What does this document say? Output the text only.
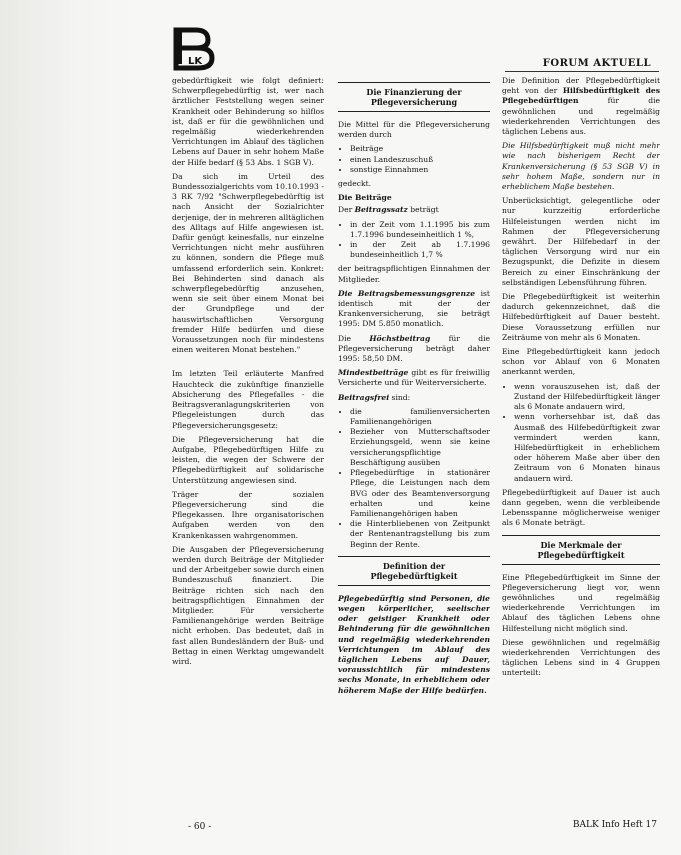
LK	FORUM AKTUELL

gebedürftigkeit wie folgt definiert: Schwerpflegebedürftig ist, wer nach ärztlicher Feststellung wegen seiner Krankheit oder Behinderung so hilflos ist, daß er für die gewöhnlichen und regelmäßig wiederkehrenden Verrichtungen im Ablauf des täglichen Lebens auf Dauer in sehr hohem Maße der Hilfe bedarf (§ 53 Abs. 1 SGB V).

Da sich im Urteil des Bundessozialgerichts vom 10.10.1993 - 3 RK 7/92 "Schwerpflegebedürftig ist nach Ansicht der Sozialrichter derjenige, der in mehreren alltäglichen des Alltags auf Hilfe angewiesen ist. Dafür genügt keinesfalls, nur einzelne Verrichtungen nicht mehr ausführen zu können, sondern die Pflege muß umfassend erforderlich sein. Konkret: Bei Behinderten sind danach als schwerpflegebedürftig anzusehen, wenn sie seit über einem Monat bei der Grundpflege und der hauswirtschaftlichen Versorgung fremder Hilfe bedürfen und diese Voraussetzungen noch für mindestens einen weiteren Monat bestehen."

Im letzten Teil erläuterte Manfred Hauchteck die zukünftige finanzielle Absicherung des Pflegefalles - die Beitragsveranlagungskriterien von Pflegeleistungen durch das Pflegeversicherungsgesetz:

Die Pflegeversicherung hat die Aufgabe, Pflegebedürftigen Hilfe zu leisten, die wegen der Schwere der Pflegebedürftigkeit auf solidarische Unterstützung angewiesen sind.

Träger der sozialen Pflegeversicherung sind die Pflegekassen. Ihre organisatorischen Aufgaben werden von den Krankenkassen wahrgenommen.

Die Ausgaben der Pflegeversicherung werden durch Beiträge der Mitglieder und der Arbeitgeber sowie durch einen Bundeszuschuß finanziert. Die Beiträge richten sich nach den beitragspflichtigen Einnahmen der Mitglieder. Für versicherte Familienangehörige werden Beiträge nicht erhoben. Das bedeutet, daß in fast allen Bundesländern der Buß- und Bettag in einen Werktag umgewandelt wird.

Die Finanzierung der Pflegeversicherung

Die Mittel für die Pflegeversicherung werden durch

• Beiträge
• einen Landeszuschuß
• sonstige Einnahmen

gedeckt.

Die Beiträge

Der Beitragssatz beträgt

• in der Zeit vom 1.1.1995 bis zum 1.7.1996 bundeseinheitlich 1 %,
• in der Zeit ab 1.7.1996 bundeseinheitlich 1,7 %

der beitragspflichtigen Einnahmen der Mitglieder.

Die Beitragsbemessungsgrenze ist identisch mit der der Krankenversicherung, sie beträgt 1995: DM 5.850 monatlich.

Die Höchstbeitrag für die Pflegeversicherung beträgt daher 1995: 58,50 DM.

Mindestbeiträge gibt es für freiwillig Versicherte und für Weiterversicherte.

Beitragsfrei sind:

• die familienversicherten Familienangehörigen
• Bezieher von Mutterschaftsoder Erziehungsgeld, wenn sie keine versicherungspflichtige Beschäftigung ausüben
• Pflegebedürftige in stationärer Pflege, die Leistungen nach dem BVG oder des Beamtenversorgung erhalten und keine Familienangehörigen haben
• die Hinterbliebenen von Zeitpunkt der Rentenantragstellung bis zum Beginn der Rente.
Definition der Pflegebedürftigkeit

Pflegebedürftig sind Personen, die wegen körperlicher, seelischer oder geistiger Krankheit oder Behinderung für die gewöhnlichen und regelmäßig wiederkehrenden Verrichtungen im Ablauf des täglichen Lebens auf Dauer, voraussichtlich für mindestens sechs Monate, in erheblichem oder höherem Maße der Hilfe bedürfen.

Die Definition der Pflegebedürftigkeit geht von der Hilfsbedürftigkeit des Pflegebedürftigen für die gewöhnlichen und regelmäßig wiederkehrenden Verrichtungen des täglichen Lebens aus.

Die Hilfsbedürftigkeit muß nicht mehr wie nach bisherigem Recht der Krankenversicherung (§ 53 SGB V) in sehr hohem Maße, sondern nur in erheblichem Maße bestehen.

Unberücksichtigt, gelegentliche oder nur kurzzeitig erforderliche Hilfeleistungen werden nicht im Rahmen der Pflegeversicherung gewährt. Der Hilfebedarf in der täglichen Versorgung wird nur ein Bezugspunkt, die Defizite in diesem Bereich zu einer Einschränkung der selbständigen Lebensführung führen.

Die Pflegebedürftigkeit ist weiterhin dadurch gekennzeichnet, daß die Hilfebedürftigkeit auf Dauer besteht. Diese Voraussetzung erfüllen nur Zeiträume von mehr als 6 Monaten.

Eine Pflegebedürftigkeit kann jedoch schon vor Ablauf von 6 Monaten anerkannt werden,

• wenn vorauszusehen ist, daß der Zustand der Hilfebedürftigkeit länger als 6 Monate andauern wird,
• wenn vorhersehbar ist, daß das Ausmaß des Hilfebedürftigkeit zwar vermindert werden kann, Hilfebedürftigkeit in erheblichem oder höherem Maße aber über den Zeitraum von 6 Monaten hinaus andauern wird.

Pflegebedürftigkeit auf Dauer ist auch dann gegeben, wenn die verbleibende Lebensspanne möglicherweise weniger als 6 Monate beträgt.

Die Merkmale der Pflegebedürftigkeit

Eine Pflegebedürftigkeit im Sinne der Pflegeversicherung liegt vor, wenn gewöhnliches und regelmäßig wiederkehrende Verrichtungen im Ablauf des täglichen Lebens ohne Hilfestellung nicht möglich sind.

Diese gewöhnlichen und regelmäßig wiederkehrenden Verrichtungen des täglichen Lebens sind in 4 Gruppen unterteilt:

- 60 -	BALK Info Heft 17
